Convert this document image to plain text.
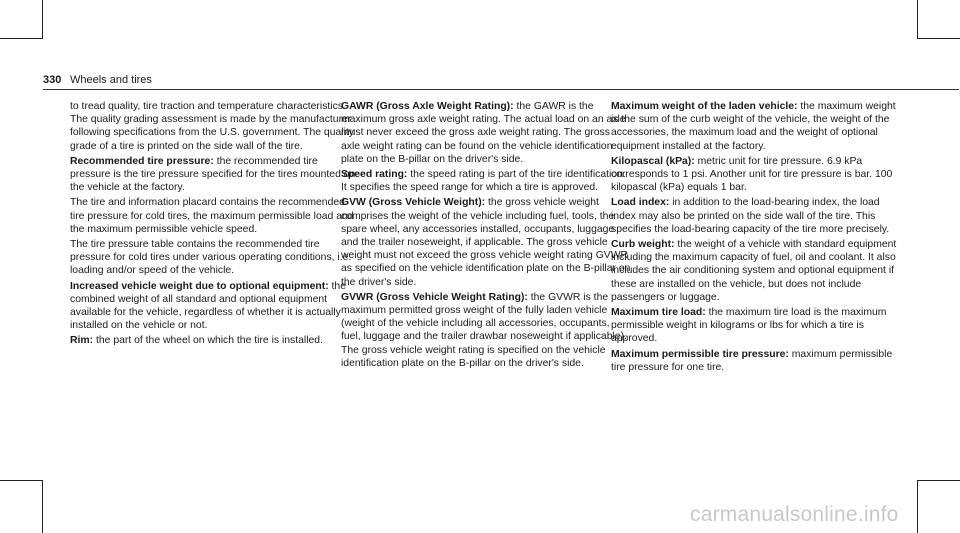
330 Wheels and tires

to tread quality, tire traction and temperature characteristics. The quality grading assessment is made by the manufacturer following specifications from the U.S. government. The quality grade of a tire is printed on the side wall of the tire.

Recommended tire pressure: the recommended tire pressure is the tire pressure specified for the tires mounted on the vehicle at the factory.

The tire and information placard contains the recommended tire pressure for cold tires, the maximum permissible load and the maximum permissible vehicle speed.

The tire pressure table contains the recommended tire pressure for cold tires under various operating conditions, i.e. loading and/or speed of the vehicle.

Increased vehicle weight due to optional equipment: the combined weight of all standard and optional equipment available for the vehicle, regardless of whether it is actually installed on the vehicle or not.

Rim: the part of the wheel on which the tire is installed.

GAWR (Gross Axle Weight Rating): the GAWR is the maximum gross axle weight rating. The actual load on an axle must never exceed the gross axle weight rating. The gross axle weight rating can be found on the vehicle identification plate on the B-pillar on the driver's side.

Speed rating: the speed rating is part of the tire identification. It specifies the speed range for which a tire is approved.

GVW (Gross Vehicle Weight): the gross vehicle weight comprises the weight of the vehicle including fuel, tools, the spare wheel, any accessories installed, occupants, luggage and the trailer noseweight, if applicable. The gross vehicle weight must not exceed the gross vehicle weight rating GVWR as specified on the vehicle identification plate on the B-pillar on the driver's side.

GVWR (Gross Vehicle Weight Rating): the GVWR is the maximum permitted gross weight of the fully laden vehicle (weight of the vehicle including all accessories, occupants, fuel, luggage and the trailer drawbar noseweight if applicable). The gross vehicle weight rating is specified on the vehicle identification plate on the B-pillar on the driver's side.

Maximum weight of the laden vehicle: the maximum weight is the sum of the curb weight of the vehicle, the weight of the accessories, the maximum load and the weight of optional equipment installed at the factory.

Kilopascal (kPa): metric unit for tire pressure. 6.9 kPa corresponds to 1 psi. Another unit for tire pressure is bar. 100 kilopascal (kPa) equals 1 bar.

Load index: in addition to the load-bearing index, the load index may also be printed on the side wall of the tire. This specifies the load-bearing capacity of the tire more precisely.

Curb weight: the weight of a vehicle with standard equipment including the maximum capacity of fuel, oil and coolant. It also includes the air conditioning system and optional equipment if these are installed on the vehicle, but does not include passengers or luggage.

Maximum tire load: the maximum tire load is the maximum permissible weight in kilograms or lbs for which a tire is approved.

Maximum permissible tire pressure: maximum permissible tire pressure for one tire.

carmanualsonline.info
